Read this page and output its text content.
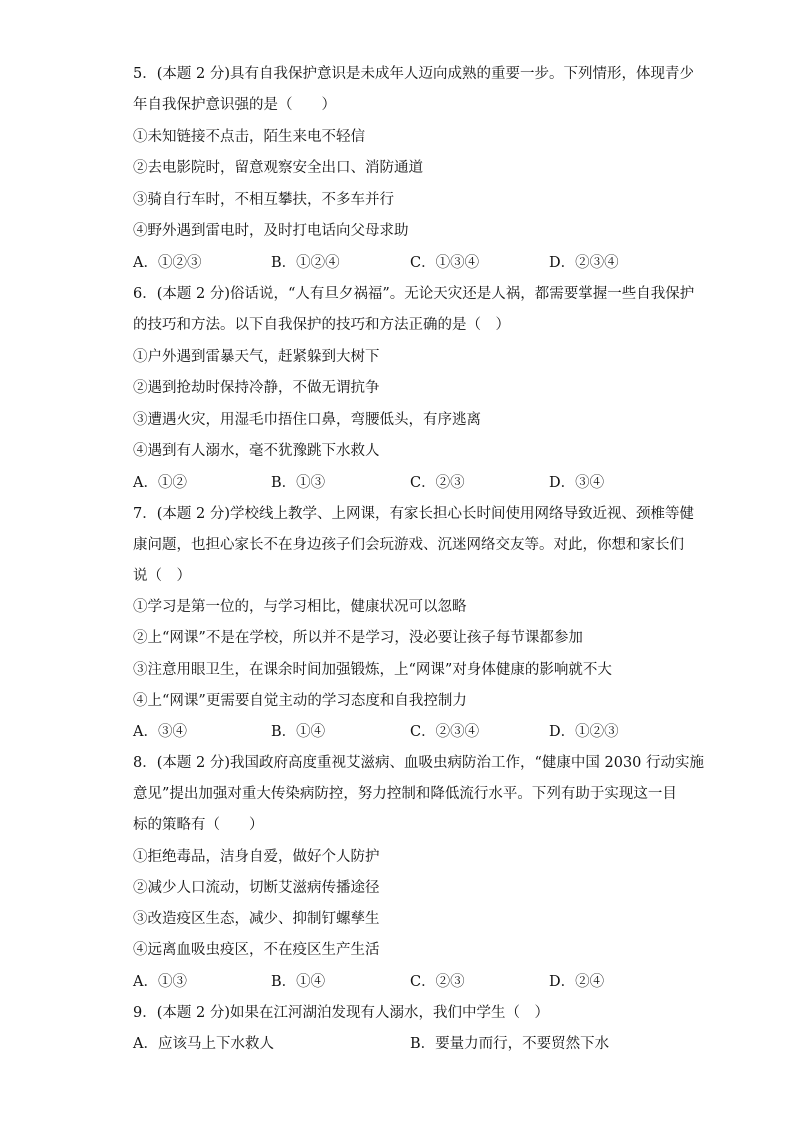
5．(本题 2 分)具有自我保护意识是未成年人迈向成熟的重要一步。下列情形，体现青少
年自我保护意识强的是（　　）
①未知链接不点击，陌生来电不轻信
②去电影院时，留意观察安全出口、消防通道
③骑自行车时，不相互攀扶，不多车并行
④野外遇到雷电时，及时打电话向父母求助
A．①②③	B．①②④	C．①③④	D．②③④
6．(本题 2 分)俗话说，“人有旦夕祸福”。无论天灾还是人祸，都需要掌握一些自我保护
的技巧和方法。以下自我保护的技巧和方法正确的是（　）
①户外遇到雷暴天气，赶紧躲到大树下
②遇到抢劫时保持冷静，不做无谓抗争
③遭遇火灾，用湿毛巾捂住口鼻，弯腰低头，有序逃离
④遇到有人溺水，毫不犹豫跳下水救人
A．①②	B．①③	C．②③	D．③④
7．(本题 2 分)学校线上教学、上网课，有家长担心长时间使用网络导致近视、颈椎等健
康问题，也担心家长不在身边孩子们会玩游戏、沉迷网络交友等。对此，你想和家长们
说（　）
①学习是第一位的，与学习相比，健康状况可以忽略
②上“网课”不是在学校，所以并不是学习，没必要让孩子每节课都参加
③注意用眼卫生，在课余时间加强锻炼，上“网课”对身体健康的影响就不大
④上“网课”更需要自觉主动的学习态度和自我控制力
A．③④	B．①④	C．②③④	D．①②③
8．(本题 2 分)我国政府高度重视艾滋病、血吸虫病防治工作，“健康中国 2030 行动实施
意见”提出加强对重大传染病防控，努力控制和降低流行水平。下列有助于实现这一目
标的策略有（　　）
①拒绝毒品，洁身自爱，做好个人防护
②减少人口流动，切断艾滋病传播途径
③改造疫区生态，减少、抑制钉螺孳生
④远离血吸虫疫区，不在疫区生产生活
A．①③	B．①④	C．②③	D．②④
9．(本题 2 分)如果在江河湖泊发现有人溺水，我们中学生（　）
A．应该马上下水救人	B．要量力而行，不要贸然下水
